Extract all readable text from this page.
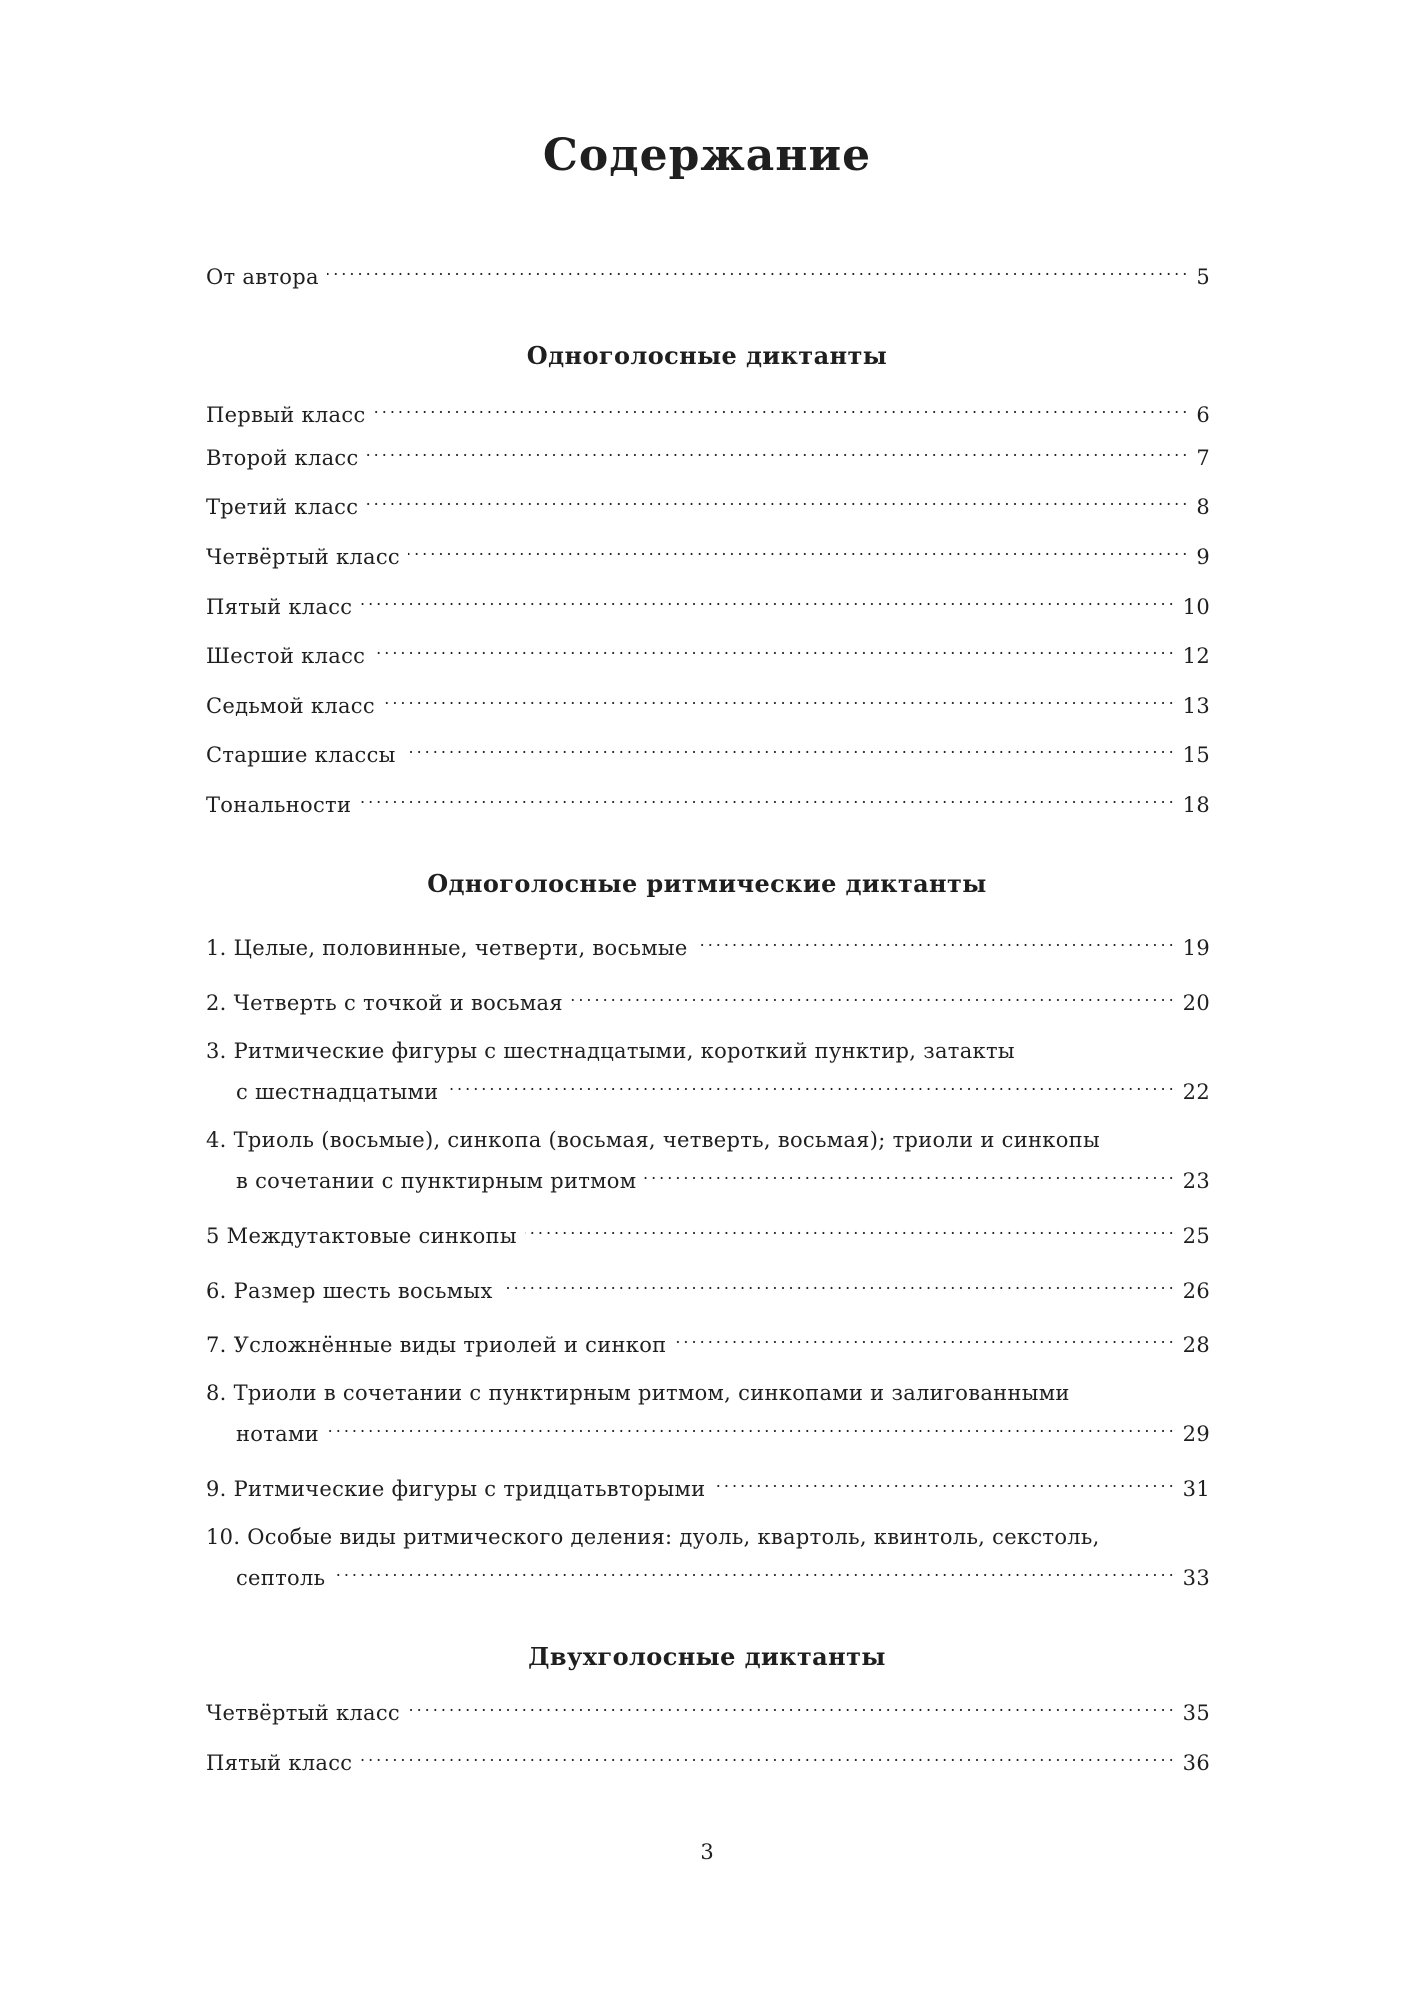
Содержание
От автора .....	5
Одноголосные диктанты
Первый класс .....	6
Второй класс .....	7
Третий класс .....	8
Четвёртый класс .....	9
Пятый класс .....	10
Шестой класс .....	12
Седьмой класс .....	13
Старшие классы .....	15
Тональности .....	18
Одноголосные ритмические диктанты
1. Целые, половинные, четверти, восьмые .....	19
2. Четверть с точкой и восьмая .....	20
3. Ритмические фигуры с шестнадцатыми, короткий пунктир, затакты
с шестнадцатыми .....	22
4. Триоль (восьмые), синкопа (восьмая, четверть, восьмая); триоли и синкопы
в сочетании с пунктирным ритмом .....	23
5 Междутактовые синкопы .....	25
6. Размер шесть восьмых .....	26
7. Усложнённые виды триолей и синкоп .....	28
8. Триоли в сочетании с пунктирным ритмом, синкопами и залигованными
нотами .....	29
9. Ритмические фигуры с тридцатьвторыми .....	31
10. Особые виды ритмического деления: дуоль, квартоль, квинтоль, секстоль,
септоль .....	33
Двухголосные диктанты
Четвёртый класс .....	35
Пятый класс .....	36
3
